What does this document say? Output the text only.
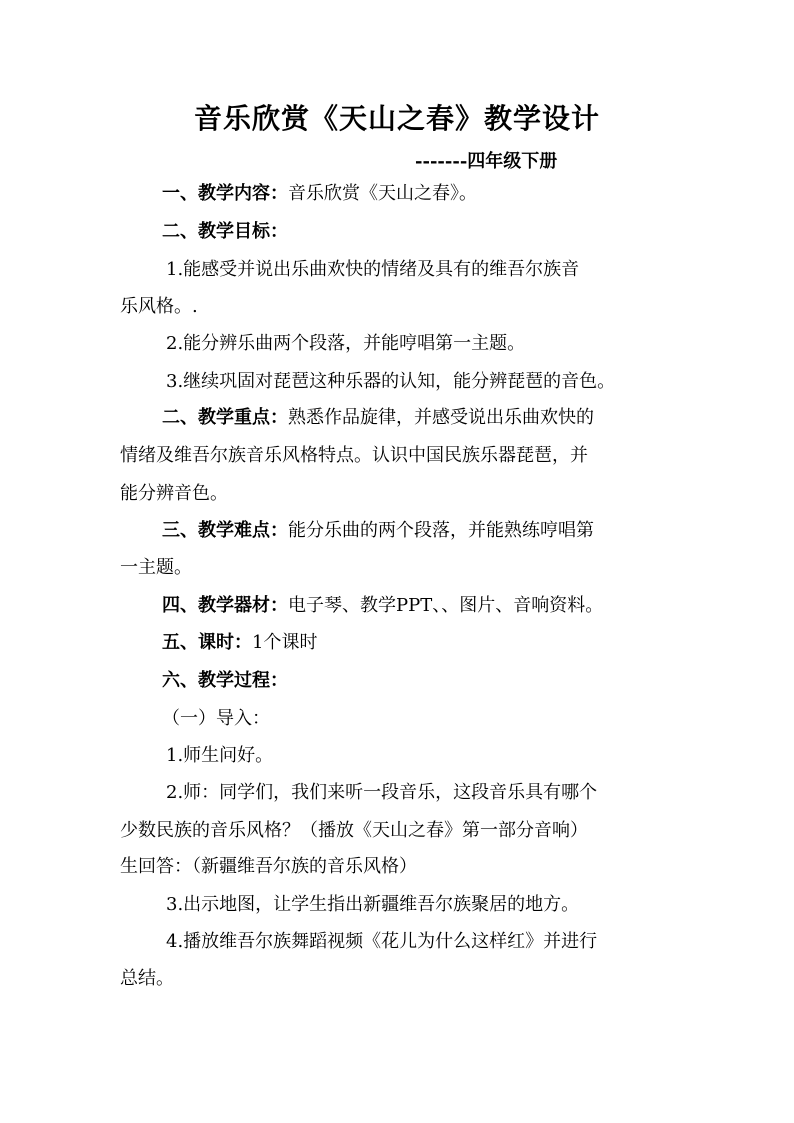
音乐欣赏《天山之春》教学设计
-------四年级下册
一、教学内容：音乐欣赏《天山之春》。
二、教学目标：
1.能感受并说出乐曲欢快的情绪及具有的维吾尔族音
乐风格。.
2.能分辨乐曲两个段落，并能哼唱第一主题。
3.继续巩固对琵琶这种乐器的认知，能分辨琵琶的音色。
二、教学重点：熟悉作品旋律，并感受说出乐曲欢快的
情绪及维吾尔族音乐风格特点。认识中国民族乐器琵琶，并
能分辨音色。
三、教学难点：能分乐曲的两个段落，并能熟练哼唱第
一主题。
四、教学器材：电子琴、教学PPT、、图片、音响资料。
五、课时：1个课时
六、教学过程：
（一）导入：
1.师生问好。
2.师：同学们，我们来听一段音乐，这段音乐具有哪个
少数民族的音乐风格？（播放《天山之春》第一部分音响）
生回答：（新疆维吾尔族的音乐风格）
3.出示地图，让学生指出新疆维吾尔族聚居的地方。
4.播放维吾尔族舞蹈视频《花儿为什么这样红》并进行
总结。
